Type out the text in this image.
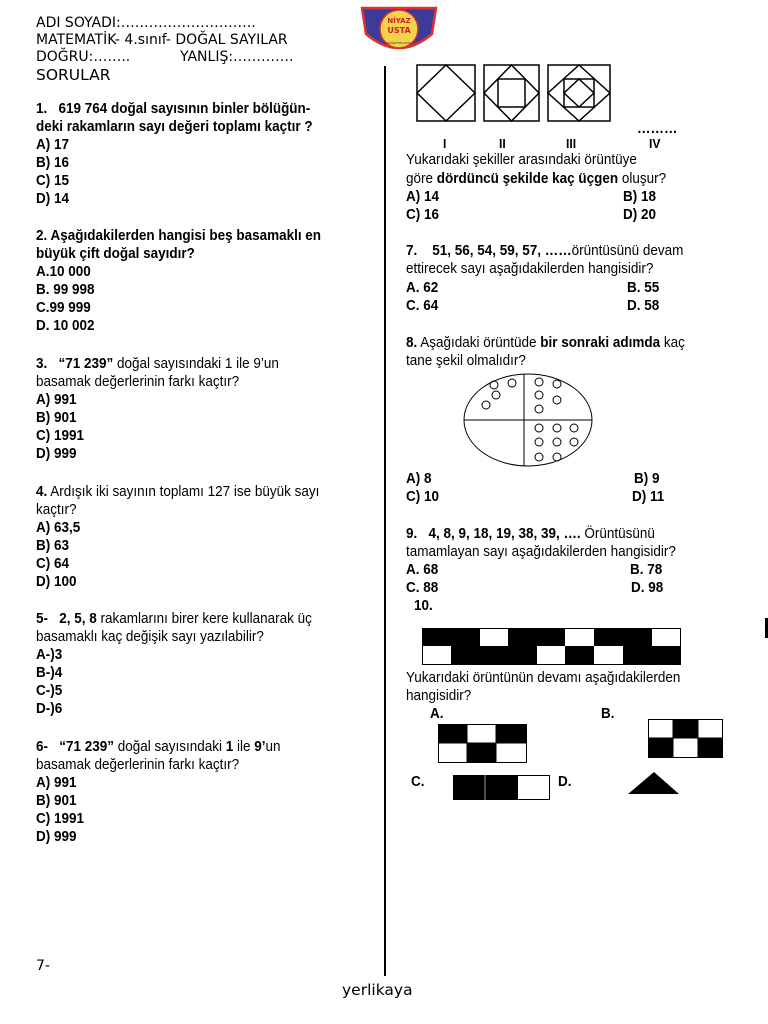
ADI SOYADI:………………………..
MATEMATİK- 4.sınıf- DOĞAL SAYILAR
DOĞRU:……..	YANLIŞ:………….
SORULAR
NİYAZ
USTA
İLKÖĞRETİM OKULU
1. 619 764 doğal sayısının binler bölüğün-
deki rakamların sayı değeri toplamı kaçtır ?
A) 17
B) 16
C) 15
D) 14
2. Aşağıdakilerden hangisi beş basamaklı en
büyük çift doğal sayıdır?
A.10 000
B. 99 998
C.99 999
D. 10 002
3. “71 239” doğal sayısındaki 1 ile 9’un
basamak değerlerinin farkı kaçtır?
A) 991
B) 901
C) 1991
D) 999
4. Ardışık iki sayının toplamı 127 ise büyük sayı
kaçtır?
A) 63,5
B) 63
C) 64
D) 100
5- 2, 5, 8 rakamlarını birer kere kullanarak üç
basamaklı kaç değişik sayı yazılabilir?
A-)3
B-)4
C-)5
D-)6
6- “71 239” doğal sayısındaki 1 ile 9’un
basamak değerlerinin farkı kaçtır?
A) 991
B) 901
C) 1991
D) 999
7-
yerlikaya
………
I	II	III	IV
Yukarıdaki şekiller arasındaki örüntüye
göre dördüncü şekilde kaç üçgen oluşur?
A) 14	B) 18
C) 16	D) 20
7. 51, 56, 54, 59, 57, ……örüntüsünü devam
ettirecek sayı aşağıdakilerden hangisidir?
A. 62	B. 55
C. 64	D. 58
8. Aşağıdaki örüntüde bir sonraki adımda kaç
tane şekil olmalıdır?
A) 8	B) 9
C) 10	D) 11
9. 4, 8, 9, 18, 19, 38, 39, …. Örüntüsünü
tamamlayan sayı aşağıdakilerden hangisidir?
A. 68	B. 78
C. 88	D. 98
10.
Yukarıdaki örüntünün devamı aşağıdakilerden
hangisidir?
A.	B.
C.	D.
